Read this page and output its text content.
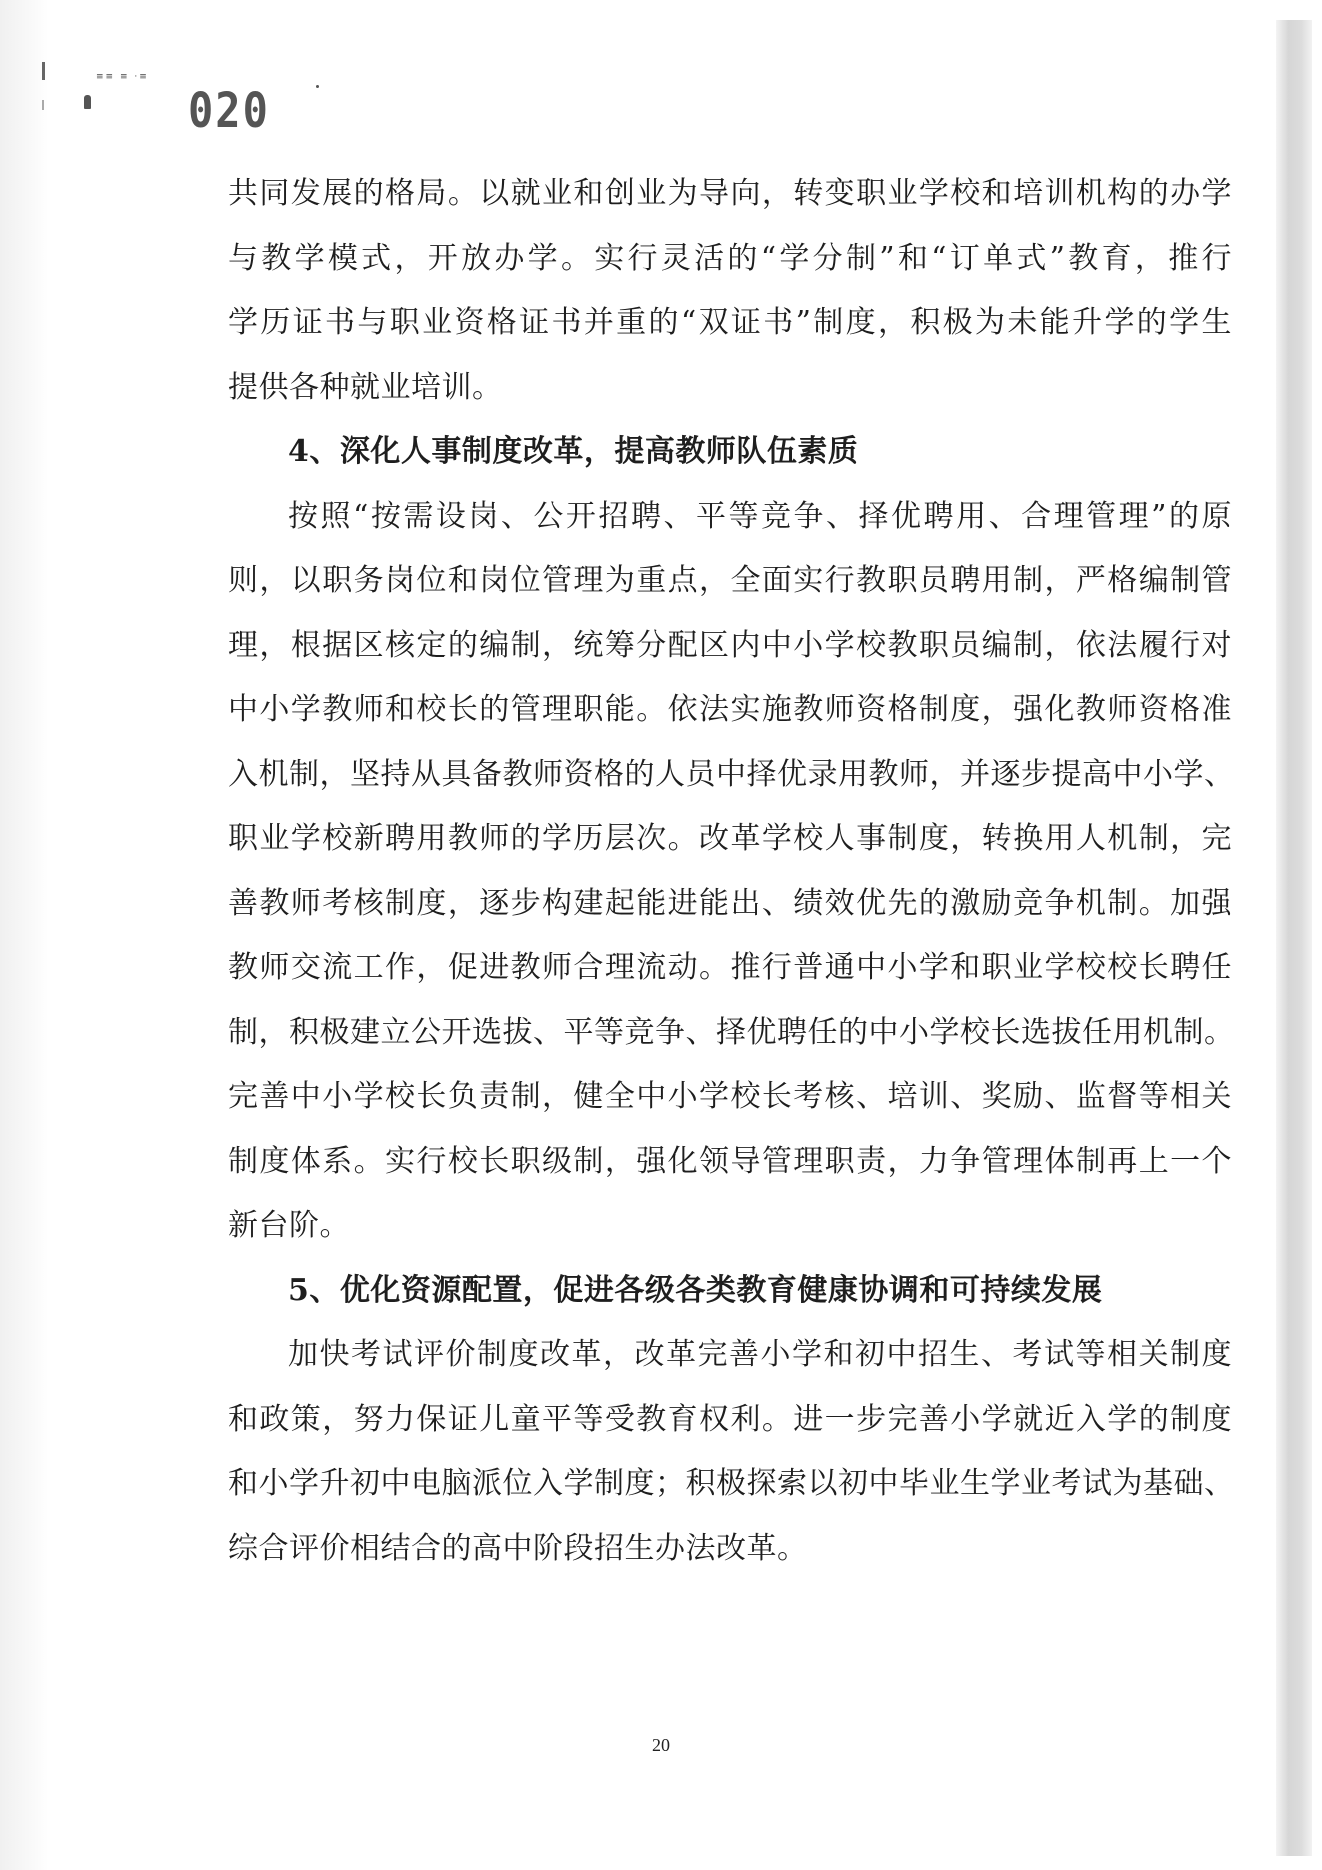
≡≡ ≡ ·≡
020
共同发展的格局。以就业和创业为导向，转变职业学校和培训机构的办学
与教学模式，开放办学。实行灵活的“学分制”和“订单式”教育，推行
学历证书与职业资格证书并重的“双证书”制度，积极为未能升学的学生
提供各种就业培训。
4、深化人事制度改革，提高教师队伍素质
按照“按需设岗、公开招聘、平等竞争、择优聘用、合理管理”的原
则，以职务岗位和岗位管理为重点，全面实行教职员聘用制，严格编制管
理，根据区核定的编制，统筹分配区内中小学校教职员编制，依法履行对
中小学教师和校长的管理职能。依法实施教师资格制度，强化教师资格准
入机制，坚持从具备教师资格的人员中择优录用教师，并逐步提高中小学、
职业学校新聘用教师的学历层次。改革学校人事制度，转换用人机制，完
善教师考核制度，逐步构建起能进能出、绩效优先的激励竞争机制。加强
教师交流工作，促进教师合理流动。推行普通中小学和职业学校校长聘任
制，积极建立公开选拔、平等竞争、择优聘任的中小学校长选拔任用机制。
完善中小学校长负责制，健全中小学校长考核、培训、奖励、监督等相关
制度体系。实行校长职级制，强化领导管理职责，力争管理体制再上一个
新台阶。
5、优化资源配置，促进各级各类教育健康协调和可持续发展
加快考试评价制度改革，改革完善小学和初中招生、考试等相关制度
和政策，努力保证儿童平等受教育权利。进一步完善小学就近入学的制度
和小学升初中电脑派位入学制度；积极探索以初中毕业生学业考试为基础、
综合评价相结合的高中阶段招生办法改革。
20
